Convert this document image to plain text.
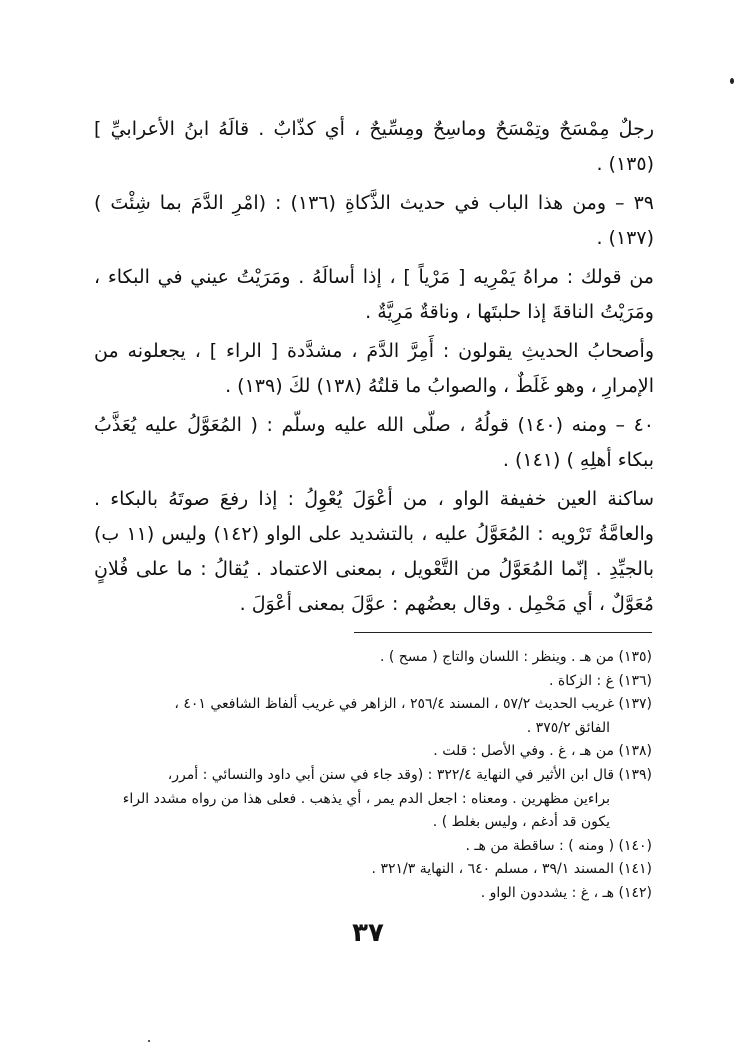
رجلٌ مِمْسَحٌ وتِمْسَحٌ وماسِحٌ ومِسِّيحٌ ، أي كذّابٌ . قالَهُ ابنُ الأعرابيِّ ](١٣٥) .

٣٩ – ومن هذا الباب في حديث الذَّكاةِ (١٣٦) : (امْرِ الدَّمَ بما شِئْتَ ) (١٣٧) .

من قولك : مراهُ يَمْرِيه [ مَرْياً ] ، إذا أسالَهُ . ومَرَيْتُ عيني في البكاء ، ومَرَيْتُ الناقةَ إذا حلبتَها ، وناقةٌ مَرِيَّةٌ .

وأصحابُ الحديثِ يقولون : أَمِرَّ الدَّمَ ، مشدَّدة [ الراء ] ، يجعلونه من الإمرارِ ، وهو غَلَطٌ ، والصوابُ ما قلتُهُ (١٣٨) لكَ (١٣٩) .

٤٠ – ومنه (١٤٠) قولُهُ ، صلّى الله عليه وسلّم : ( المُعَوَّلُ عليه يُعَذَّبُ ببكاء أهلِهِ ) (١٤١) .

ساكنة العين خفيفة الواو ، من أعْوَلَ يُعْوِلُ : إذا رفعَ صوتَهُ بالبكاء . والعامَّةُ تَرْويه : المُعَوَّلُ عليه ، بالتشديد على الواو (١٤٢) وليس (١١ ب) بالجيِّدِ . إنّما المُعَوَّلُ من التَّعْويل ، بمعنى الاعتماد . يُقالُ : ما على فُلانٍ مُعَوَّلٌ ، أي مَحْمِل . وقال بعضُهم : عوَّلَ بمعنى أعْوَلَ .

(١٣٥) من هـ . وينظر : اللسان والتاج ( مسح ) .
(١٣٦) غ : الزكاة .
(١٣٧) غريب الحديث ٥٧/٢ ، المسند ٢٥٦/٤ ، الزاهر في غريب ألفاظ الشافعي ٤٠١ ،
الفائق ٣٧٥/٢ .
(١٣٨) من هـ ، غ . وفي الأصل : قلت .
(١٣٩) قال ابن الأثير في النهاية ٣٢٢/٤ : (وقد جاء في سنن أبي داود والنسائي : أمرر،
براءين مظهرين . ومعناه : اجعل الدم يمر ، أي يذهب . فعلى هذا من رواه مشدد الراء
يكون قد أدغم ، وليس بغلط ) .
(١٤٠) ( ومنه ) : ساقطة من هـ .
(١٤١) المسند ٣٩/١ ، مسلم ٦٤٠ ، النهاية ٣٢١/٣ .
(١٤٢) هـ ، غ : يشددون الواو .
٣٧
